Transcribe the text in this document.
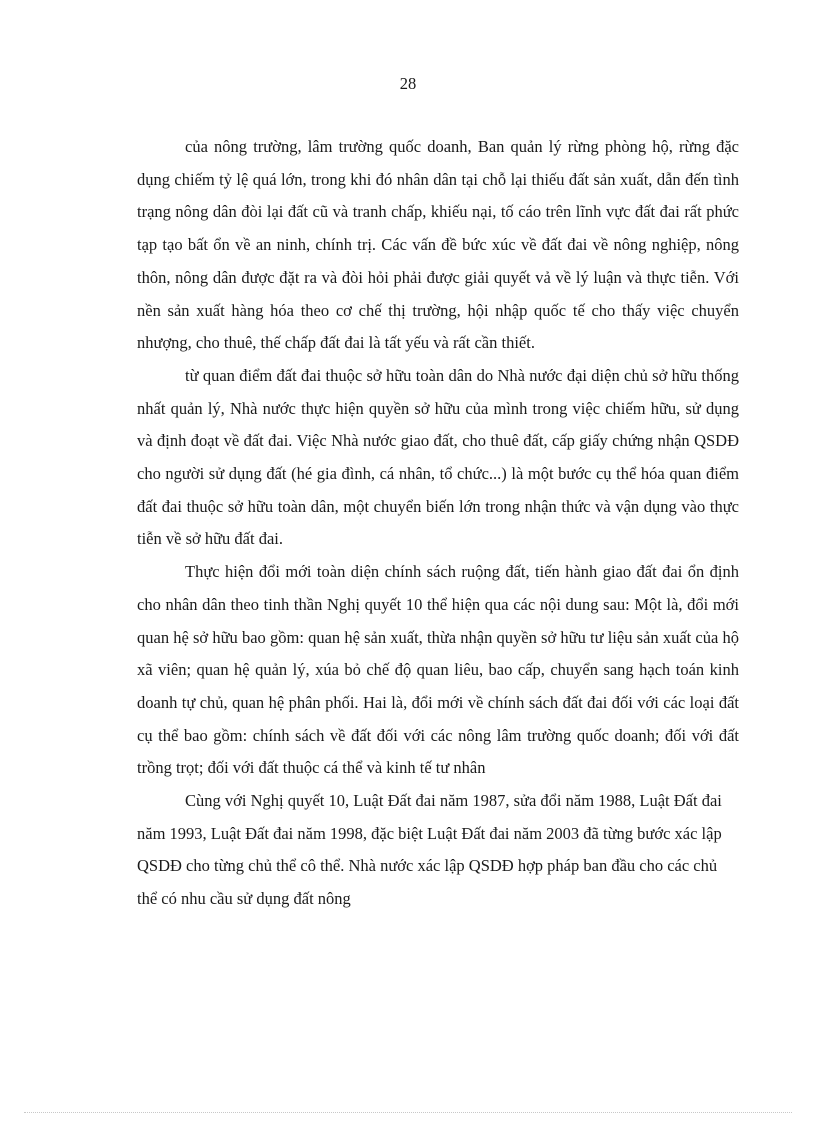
28

của nông trường, lâm trường quốc doanh, Ban quản lý rừng phòng hộ, rừng đặc dụng chiếm tỷ lệ quá lớn, trong khi đó nhân dân tại chỗ lại thiếu đất sản xuất, dẫn đến tình trạng nông dân đòi lại đất cũ và tranh chấp, khiếu nại, tố cáo trên lĩnh vực đất đai rất phức tạp tạo bất ổn về an ninh, chính trị. Các vấn đề bức xúc về đất đai về nông nghiệp, nông thôn, nông dân được đặt ra và đòi hỏi phải được giải quyết vả về lý luận và thực tiễn. Với nền sản xuất hàng hóa theo cơ chế thị trường, hội nhập quốc tế cho thấy việc chuyển nhượng, cho thuê, thế chấp đất đai là tất yếu và rất cần thiết.

từ quan điểm đất đai thuộc sở hữu toàn dân do Nhà nước đại diện chủ sở hữu thống nhất quản lý, Nhà nước thực hiện quyền sở hữu của mình trong việc chiếm hữu, sử dụng và định đoạt về đất đai. Việc Nhà nước giao đất, cho thuê đất, cấp giấy chứng nhận QSDĐ cho người sử dụng đất (hé gia đình, cá nhân, tổ chức...) là một bước cụ thể hóa quan điểm đất đai thuộc sở hữu toàn dân, một chuyển biến lớn trong nhận thức và vận dụng vào thực tiễn về sở hữu đất đai.

Thực hiện đổi mới toàn diện chính sách ruộng đất, tiến hành giao đất đai ổn định cho nhân dân theo tinh thần Nghị quyết 10 thể hiện qua các nội dung sau: Một là, đổi mới quan hệ sở hữu bao gồm: quan hệ sản xuất, thừa nhận quyền sở hữu tư liệu sản xuất của hộ xã viên; quan hệ quản lý, xúa bỏ chế độ quan liêu, bao cấp, chuyển sang hạch toán kinh doanh tự chủ, quan hệ phân phối. Hai là, đổi mới về chính sách đất đai đối với các loại đất cụ thể bao gồm: chính sách về đất đối với các nông lâm trường quốc doanh; đối với đất trồng trọt; đối với đất thuộc cá thể và kinh tế tư nhân

Cùng với Nghị quyết 10, Luật Đất đai năm 1987, sửa đổi năm 1988, Luật Đất đai năm 1993, Luật Đất đai năm 1998, đặc biệt Luật Đất đai năm 2003 đã từng bước xác lập QSDĐ cho từng chủ thể cô thể. Nhà nước xác lập QSDĐ hợp pháp ban đầu cho các chủ thể có nhu cầu sử dụng đất nông
